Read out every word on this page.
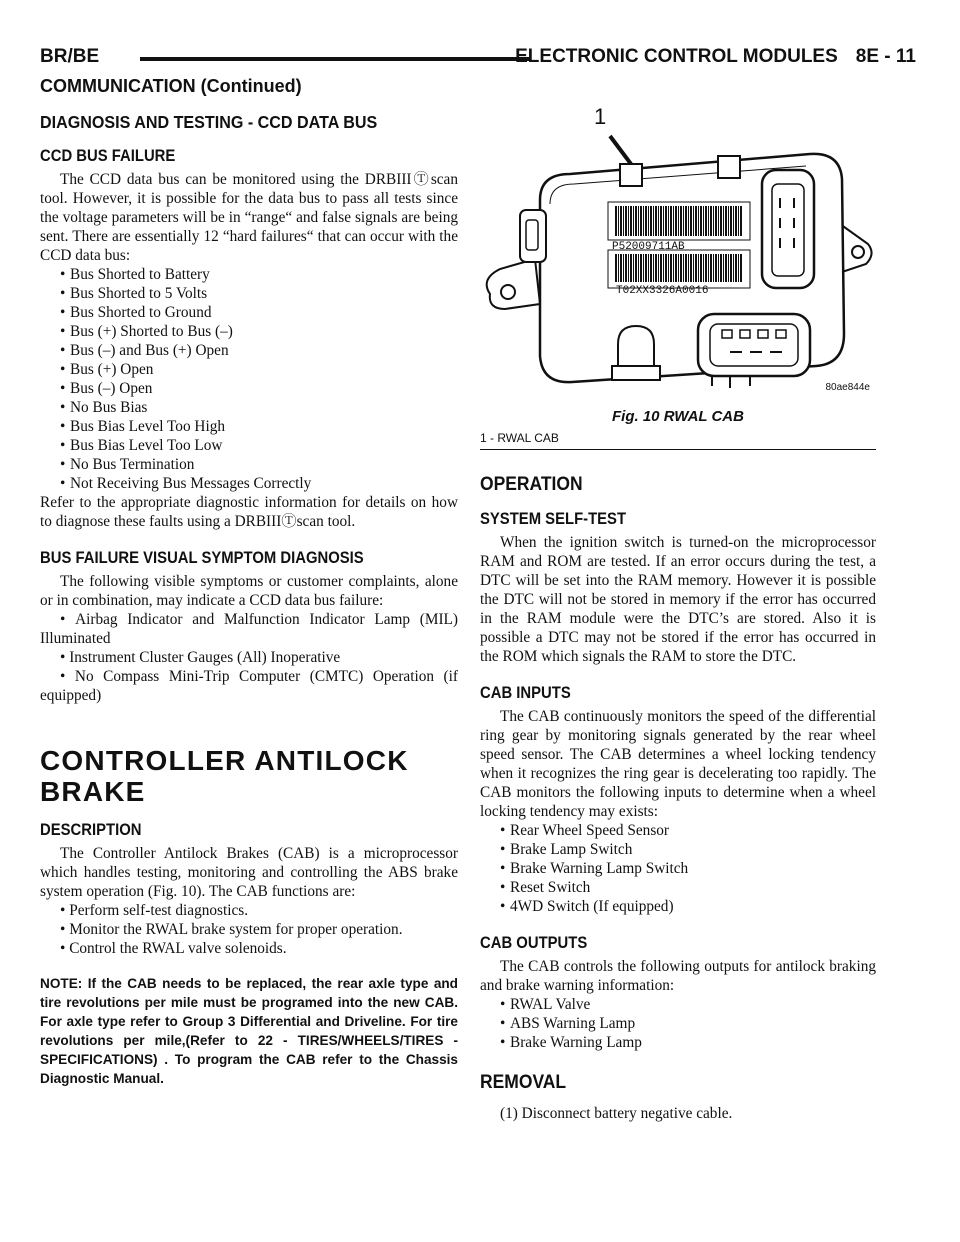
BR/BE	ELECTRONIC CONTROL MODULES 8E - 11
COMMUNICATION (Continued)
DIAGNOSIS AND TESTING - CCD DATA BUS
CCD BUS FAILURE

The CCD data bus can be monitored using the DRBIIIⓉscan tool. However, it is possible for the data bus to pass all tests since the voltage parameters will be in “range“ and false signals are being sent. There are essentially 12 “hard failures“ that can occur with the CCD data bus:

• Bus Shorted to Battery
• Bus Shorted to 5 Volts
• Bus Shorted to Ground
• Bus (+) Shorted to Bus (–)
• Bus (–) and Bus (+) Open
• Bus (+) Open
• Bus (–) Open
• No Bus Bias
• Bus Bias Level Too High
• Bus Bias Level Too Low
• No Bus Termination
• Not Receiving Bus Messages Correctly

Refer to the appropriate diagnostic information for details on how to diagnose these faults using a DRBIIIⓉscan tool.

BUS FAILURE VISUAL SYMPTOM DIAGNOSIS

The following visible symptoms or customer complaints, alone or in combination, may indicate a CCD data bus failure:

• Airbag Indicator and Malfunction Indicator Lamp (MIL) Illuminated

• Instrument Cluster Gauges (All) Inoperative

• No Compass Mini-Trip Computer (CMTC) Operation (if equipped)

CONTROLLER ANTILOCK BRAKE
DESCRIPTION

The Controller Antilock Brakes (CAB) is a microprocessor which handles testing, monitoring and controlling the ABS brake system operation (Fig. 10). The CAB functions are:

• Perform self-test diagnostics.

• Monitor the RWAL brake system for proper operation.

• Control the RWAL valve solenoids.

NOTE: If the CAB needs to be replaced, the rear axle type and tire revolutions per mile must be programed into the new CAB. For axle type refer to Group 3 Differential and Driveline. For tire revolutions per mile,(Refer to 22 - TIRES/WHEELS/TIRES - SPECIFICATIONS) . To program the CAB refer to the Chassis Diagnostic Manual.
1
P52009711AB
T02XX3326A0016
80ae844e
Fig. 10 RWAL CAB
1 - RWAL CAB
OPERATION
SYSTEM SELF-TEST

When the ignition switch is turned-on the microprocessor RAM and ROM are tested. If an error occurs during the test, a DTC will be set into the RAM memory. However it is possible the DTC will not be stored in memory if the error has occurred in the RAM module were the DTC’s are stored. Also it is possible a DTC may not be stored if the error has occurred in the ROM which signals the RAM to store the DTC.

CAB INPUTS

The CAB continuously monitors the speed of the differential ring gear by monitoring signals generated by the rear wheel speed sensor. The CAB determines a wheel locking tendency when it recognizes the ring gear is decelerating too rapidly. The CAB monitors the following inputs to determine when a wheel locking tendency may exists:

• Rear Wheel Speed Sensor
• Brake Lamp Switch
• Brake Warning Lamp Switch
• Reset Switch
• 4WD Switch (If equipped)
CAB OUTPUTS

The CAB controls the following outputs for antilock braking and brake warning information:

• RWAL Valve
• ABS Warning Lamp
• Brake Warning Lamp
REMOVAL

(1) Disconnect battery negative cable.
